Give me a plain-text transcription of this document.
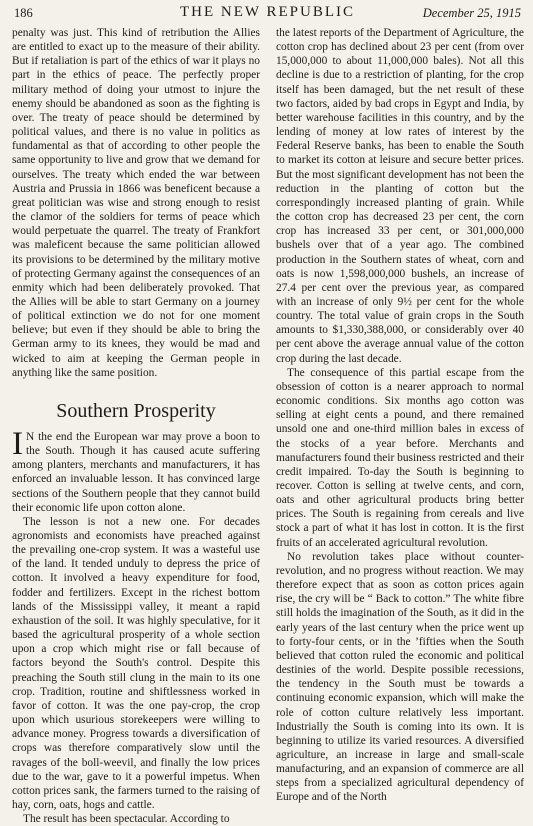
186	THE NEW REPUBLIC	December 25, 1915

penalty was just. This kind of retribution the Allies are entitled to exact up to the measure of their ability. But if retaliation is part of the ethics of war it plays no part in the ethics of peace. The perfectly proper military method of doing your utmost to injure the enemy should be abandoned as soon as the fighting is over. The treaty of peace should be determined by political values, and there is no value in politics as fundamental as that of according to other people the same opportunity to live and grow that we demand for ourselves. The treaty which ended the war between Austria and Prussia in 1866 was beneficent because a great politician was wise and strong enough to resist the clamor of the soldiers for terms of peace which would perpetuate the quarrel. The treaty of Frankfort was maleficent because the same politician allowed its provisions to be determined by the military motive of protecting Germany against the consequences of an enmity which had been deliberately provoked. That the Allies will be able to start Germany on a journey of political extinction we do not for one moment believe; but even if they should be able to bring the German army to its knees, they would be mad and wicked to aim at keeping the German people in anything like the same position.

Southern Prosperity

I N the end the European war may prove a boon to the South. Though it has caused acute suffering among planters, merchants and manufacturers, it has enforced an invaluable lesson. It has convinced large sections of the Southern people that they cannot build their economic life upon cotton alone.

The lesson is not a new one. For decades agronomists and economists have preached against the prevailing one-crop system. It was a wasteful use of the land. It tended unduly to depress the price of cotton. It involved a heavy expenditure for food, fodder and fertilizers. Except in the richest bottom lands of the Mississippi valley, it meant a rapid exhaustion of the soil. It was highly speculative, for it based the agricultural prosperity of a whole section upon a crop which might rise or fall because of factors beyond the South's control. Despite this preaching the South still clung in the main to its one crop. Tradition, routine and shiftlessness worked in favor of cotton. It was the one pay-crop, the crop upon which usurious storekeepers were willing to advance money. Progress towards a diversification of crops was therefore comparatively slow until the ravages of the boll-weevil, and finally the low prices due to the war, gave to it a powerful impetus. When cotton prices sank, the farmers turned to the raising of hay, corn, oats, hogs and cattle.

The result has been spectacular. According to

the latest reports of the Department of Agriculture, the cotton crop has declined about 23 per cent (from over 15,000,000 to about 11,000,000 bales). Not all this decline is due to a restriction of planting, for the crop itself has been damaged, but the net result of these two factors, aided by bad crops in Egypt and India, by better warehouse facilities in this country, and by the lending of money at low rates of interest by the Federal Reserve banks, has been to enable the South to market its cotton at leisure and secure better prices. But the most significant development has not been the reduction in the planting of cotton but the correspondingly increased planting of grain. While the cotton crop has decreased 23 per cent, the corn crop has increased 33 per cent, or 301,000,000 bushels over that of a year ago. The combined production in the Southern states of wheat, corn and oats is now 1,598,000,000 bushels, an increase of 27.4 per cent over the previous year, as compared with an increase of only 9½ per cent for the whole country. The total value of grain crops in the South amounts to $1,330,388,000, or considerably over 40 per cent above the average annual value of the cotton crop during the last decade.

The consequence of this partial escape from the obsession of cotton is a nearer approach to normal economic conditions. Six months ago cotton was selling at eight cents a pound, and there remained unsold one and one-third million bales in excess of the stocks of a year before. Merchants and manufacturers found their business restricted and their credit impaired. To-day the South is beginning to recover. Cotton is selling at twelve cents, and corn, oats and other agricultural products bring better prices. The South is regaining from cereals and live stock a part of what it has lost in cotton. It is the first fruits of an accelerated agricultural revolution.

No revolution takes place without counter-revolution, and no progress without reaction. We may therefore expect that as soon as cotton prices again rise, the cry will be “ Back to cotton.” The white fibre still holds the imagination of the South, as it did in the early years of the last century when the price went up to forty-four cents, or in the ’fifties when the South believed that cotton ruled the economic and political destinies of the world. Despite possible recessions, the tendency in the South must be towards a continuing economic expansion, which will make the role of cotton culture relatively less important. Industrially the South is coming into its own. It is beginning to utilize its varied resources. A diversified agriculture, an increase in large and small-scale manufacturing, and an expansion of commerce are all steps from a specialized agricultural dependency of Europe and of the North
